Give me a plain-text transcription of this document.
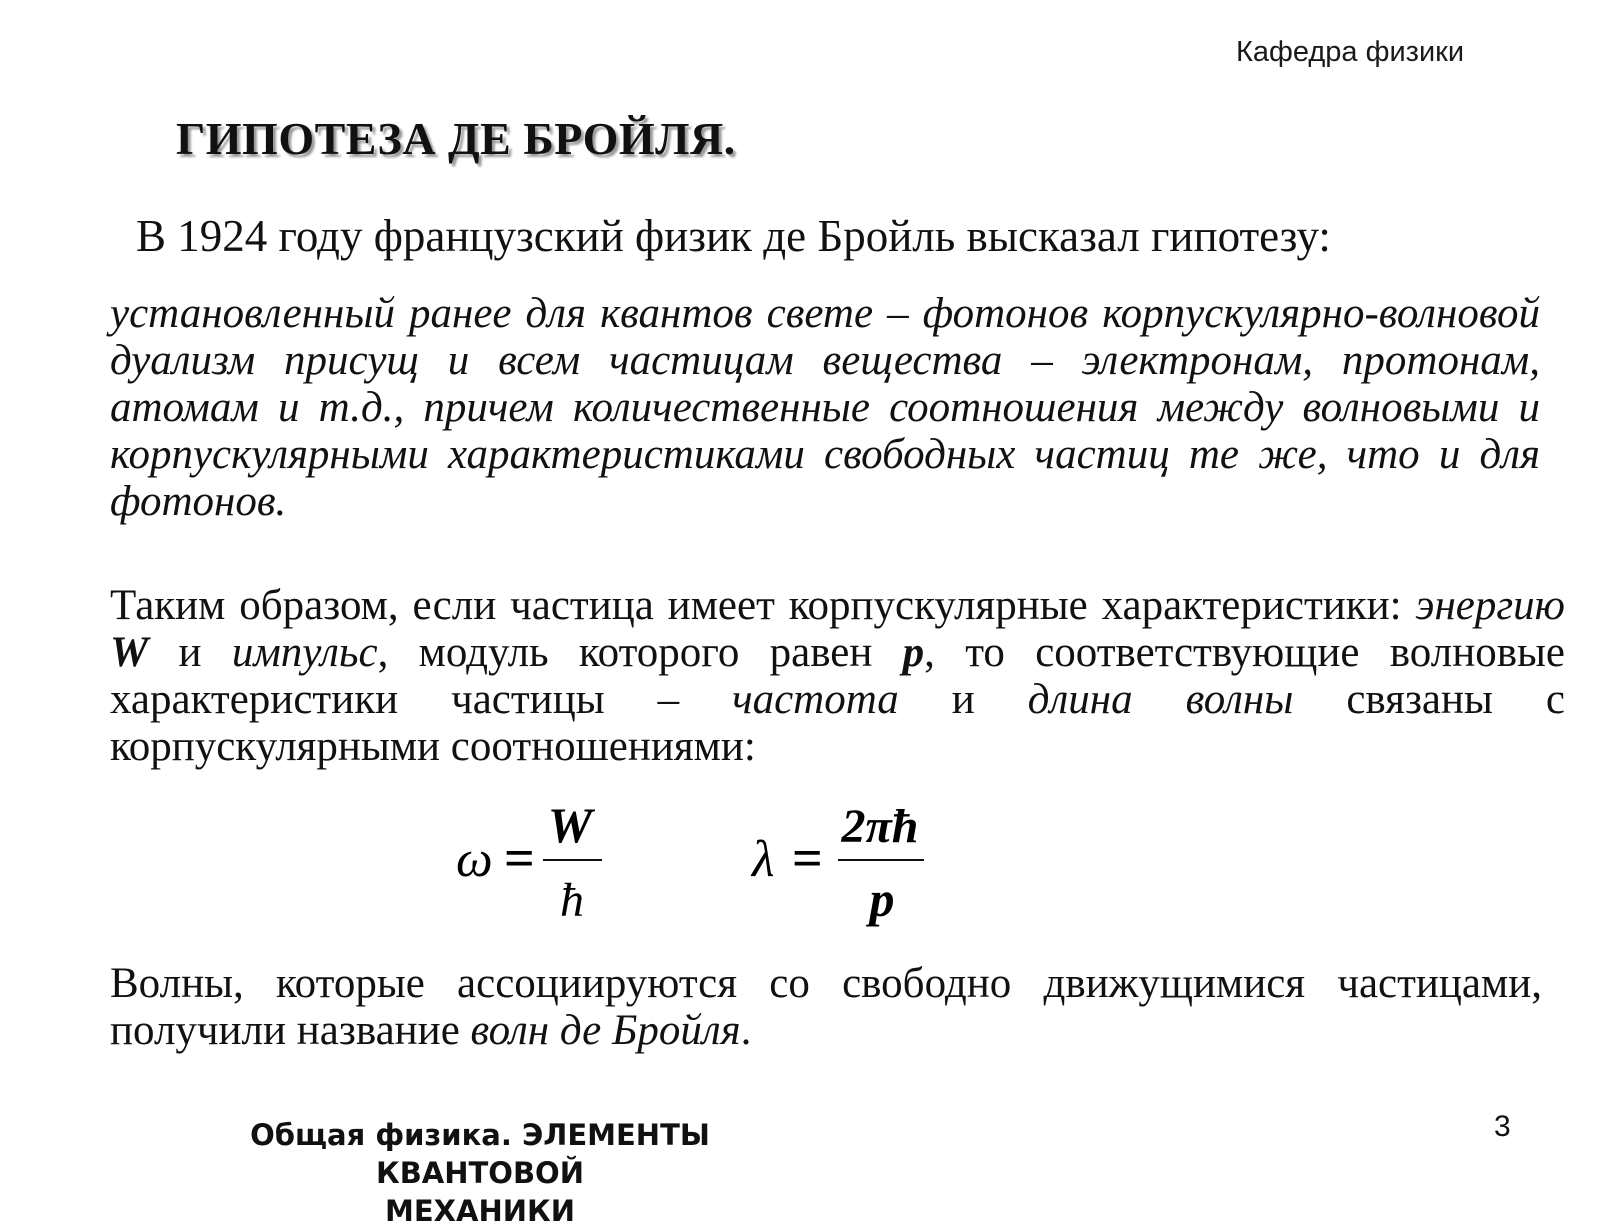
Кафедра физики
ГИПОТЕЗА ДЕ БРОЙЛЯ.
В 1924 году французский физик де Бройль высказал гипотезу:
установленный ранее для квантов свете – фотонов корпускулярно-волновой дуализм присущ и всем частицам вещества – электронам, протонам, атомам и т.д., причем количественные соотношения между волновыми и корпускулярными характеристиками свободных частиц те же, что и для фотонов.
Таким образом, если частица имеет корпускулярные характеристики: энергию W и импульс, модуль которого равен p, то соответствующие волновые характеристики частицы – частота и длина волны связаны с корпускулярными соотношениями:
ω =
W
ħ
λ =
2πħ
p
Волны, которые ассоциируются со свободно движущимися частицами, получили название волн де Бройля.
Общая физика. ЭЛЕМЕНТЫ КВАНТОВОЙ
МЕХАНИКИ
3
